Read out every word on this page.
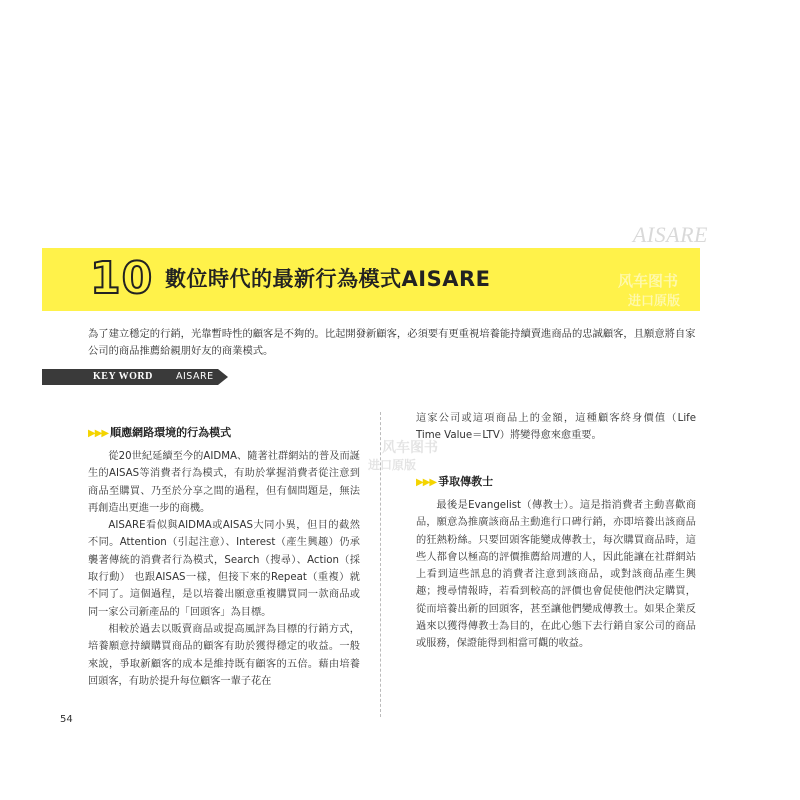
AISARE
10 數位時代的最新行為模式AISARE	风车图书
进口原版
為了建立穩定的行銷，光靠暫時性的顧客是不夠的。比起開發新顧客，必須要有更重視培養能持續賣進商品的忠誠顧客，且願意將自家公司的商品推薦給親朋好友的商業模式。
KEY WORD AISARE
▶▶▶ 順應網路環境的行為模式

從20世紀延續至今的AIDMA、隨著社群網站的普及而誕生的AISAS等消費者行為模式，有助於掌握消費者從注意到商品至購買、乃至於分享之間的過程，但有個問題是，無法再創造出更進一步的商機。

AISARE看似與AIDMA或AISAS大同小異，但目的截然不同。Attention（引起注意）、Interest（產生興趣）仍承襲著傳統的消費者行為模式，Search（搜尋）、Action（採取行動） 也跟AISAS一樣，但接下來的Repeat（重複）就不同了。這個過程，是以培養出願意重複購買同一款商品或同一家公司新產品的「回頭客」為目標。

相較於過去以販賣商品或提高風評為目標的行銷方式，培養願意持續購買商品的顧客有助於獲得穩定的收益。一般來說，爭取新顧客的成本是維持既有顧客的五倍。藉由培養回頭客，有助於提升每位顧客一輩子花在

這家公司或這項商品上的金額，這種顧客終身價值（Life Time Value＝LTV）將變得愈來愈重要。

风车图书
进口原版
▶▶▶ 爭取傳教士

最後是Evangelist（傳教士）。這是指消費者主動喜歡商品，願意為推廣該商品主動進行口碑行銷，亦即培養出該商品的狂熱粉絲。只要回頭客能變成傳教士，每次購買商品時，這些人都會以極高的評價推薦給周遭的人，因此能讓在社群網站上看到這些訊息的消費者注意到該商品，或對該商品產生興趣；搜尋情報時，若看到較高的評價也會促使他們決定購買，從而培養出新的回頭客，甚至讓他們變成傳教士。如果企業反過來以獲得傳教士為目的，在此心態下去行銷自家公司的商品或服務，保證能得到相當可觀的收益。

54
